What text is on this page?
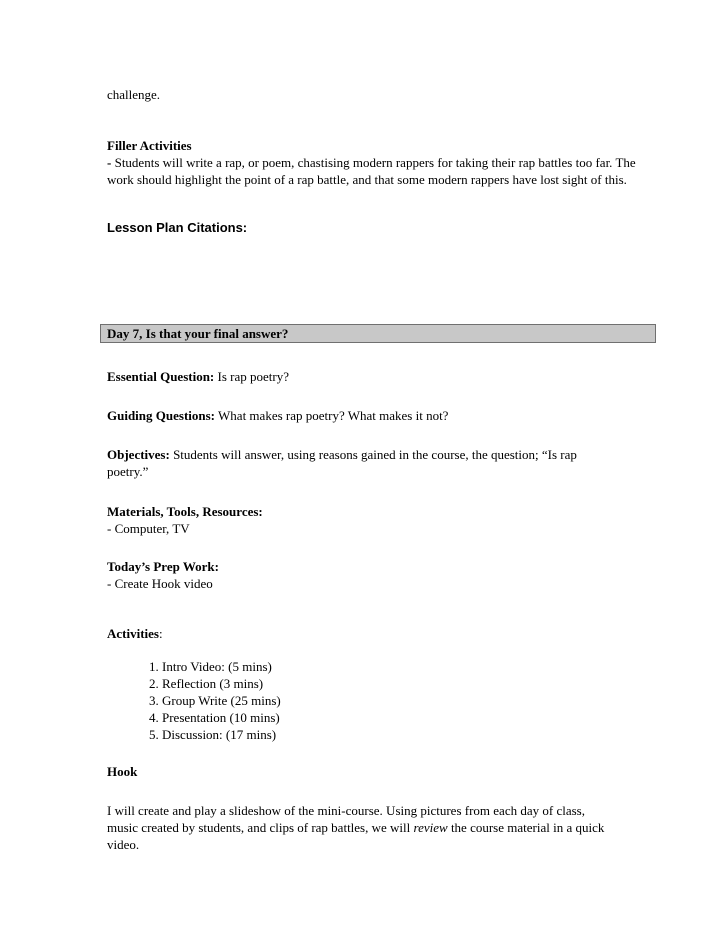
challenge.

Filler Activities
- Students will write a rap, or poem, chastising modern rappers for taking their rap battles too far. The work should highlight the point of a rap battle, and that some modern rappers have lost sight of this.
Lesson Plan Citations:
Day 7, Is that your final answer?

Essential Question: Is rap poetry?

Guiding Questions: What makes rap poetry? What makes it not?

Objectives: Students will answer, using reasons gained in the course, the question; “Is rap poetry.”

Materials, Tools, Resources:
- Computer, TV
Today’s Prep Work:
- Create Hook video

Activities:

1. Intro Video: (5 mins)
2. Reflection (3 mins)
3. Group Write (25 mins)
4. Presentation (10 mins)
5. Discussion: (17 mins)

Hook

I will create and play a slideshow of the mini-course. Using pictures from each day of class, music created by students, and clips of rap battles, we will review the course material in a quick video.
